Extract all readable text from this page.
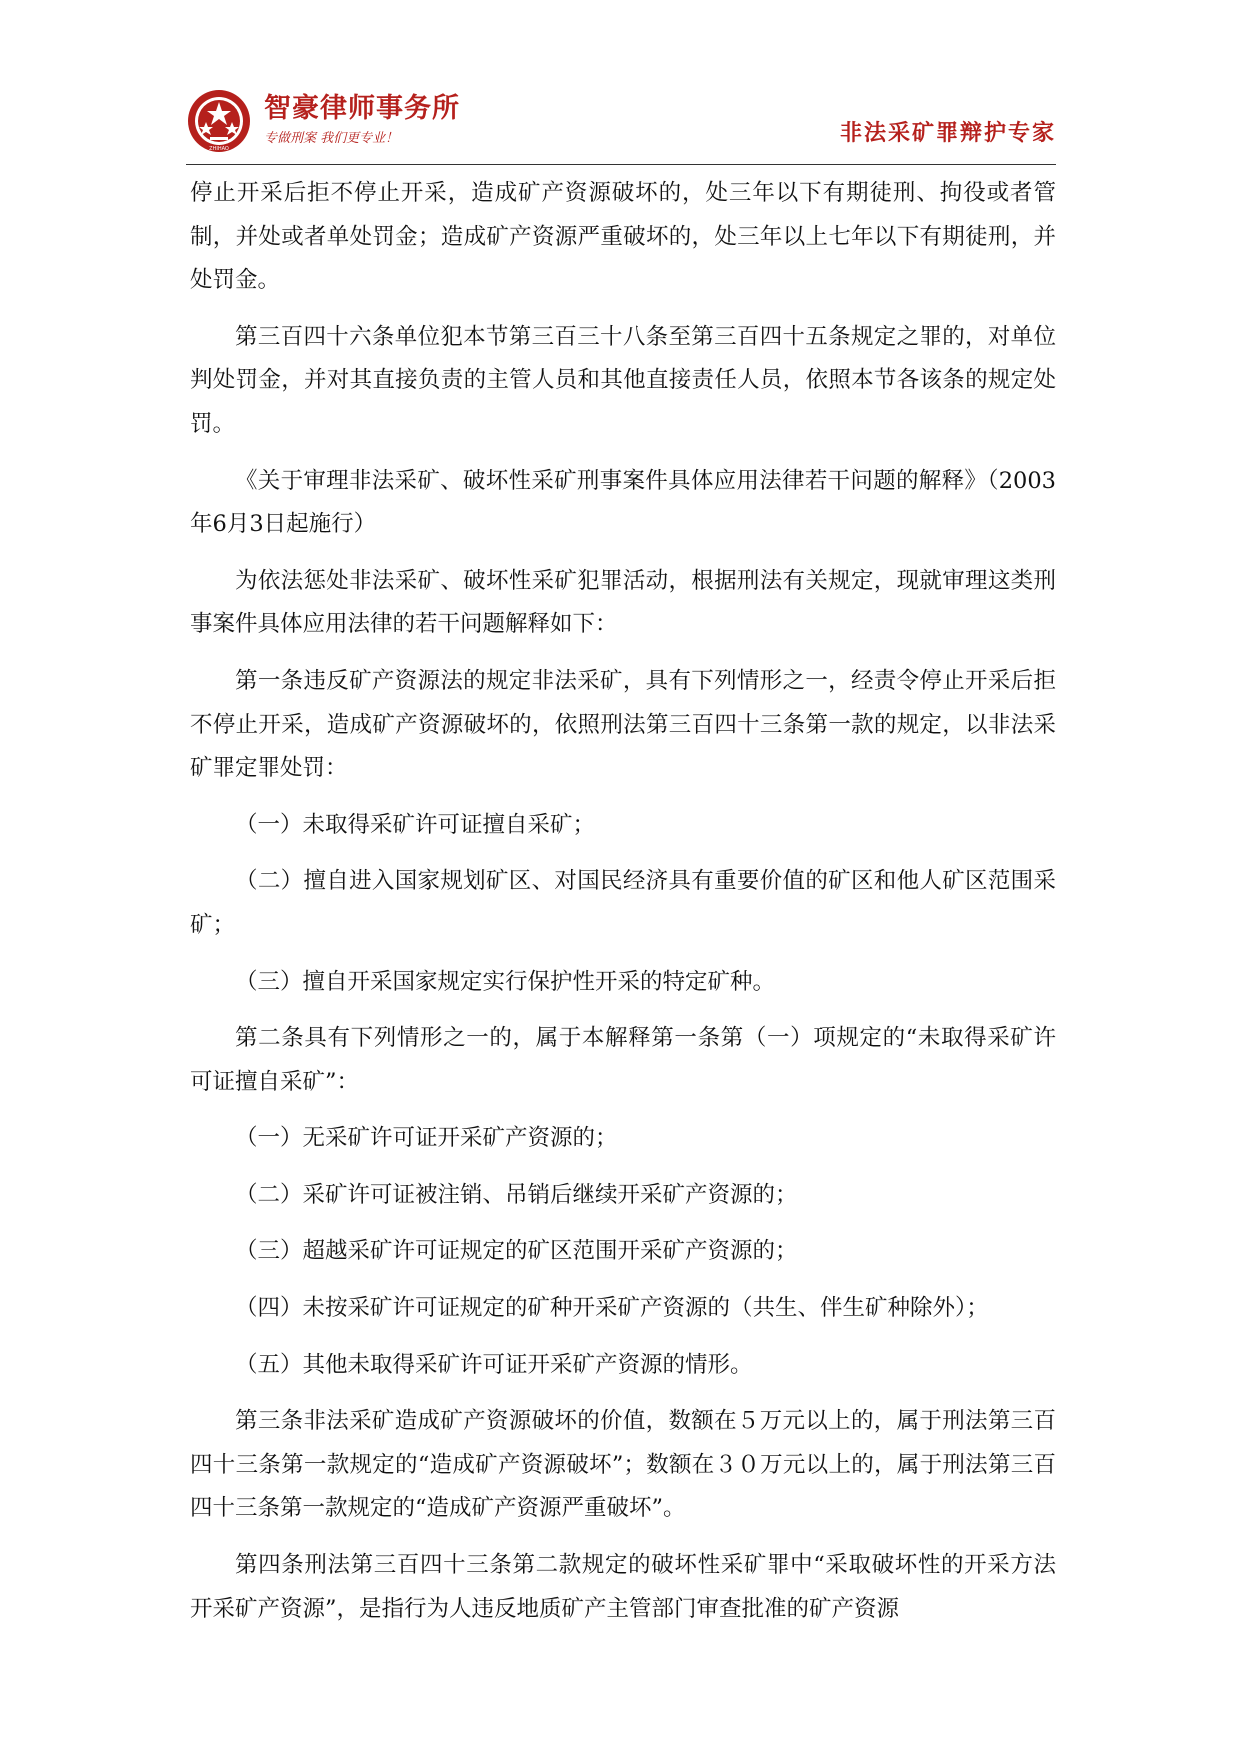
ZHIHAO
智豪律师事务所
专做刑案 我们更专业！	非法采矿罪辩护专家

停止开采后拒不停止开采，造成矿产资源破坏的，处三年以下有期徒刑、拘役或者管制，并处或者单处罚金；造成矿产资源严重破坏的，处三年以上七年以下有期徒刑，并处罚金。

第三百四十六条单位犯本节第三百三十八条至第三百四十五条规定之罪的，对单位判处罚金，并对其直接负责的主管人员和其他直接责任人员，依照本节各该条的规定处罚。

《关于审理非法采矿、破坏性采矿刑事案件具体应用法律若干问题的解释》（2003年6月3日起施行）

为依法惩处非法采矿、破坏性采矿犯罪活动，根据刑法有关规定，现就审理这类刑事案件具体应用法律的若干问题解释如下：

第一条违反矿产资源法的规定非法采矿，具有下列情形之一，经责令停止开采后拒不停止开采，造成矿产资源破坏的，依照刑法第三百四十三条第一款的规定，以非法采矿罪定罪处罚：

（一）未取得采矿许可证擅自采矿；

（二）擅自进入国家规划矿区、对国民经济具有重要价值的矿区和他人矿区范围采矿；

（三）擅自开采国家规定实行保护性开采的特定矿种。

第二条具有下列情形之一的，属于本解释第一条第（一）项规定的“未取得采矿许可证擅自采矿”：

（一）无采矿许可证开采矿产资源的；

（二）采矿许可证被注销、吊销后继续开采矿产资源的；

（三）超越采矿许可证规定的矿区范围开采矿产资源的；

（四）未按采矿许可证规定的矿种开采矿产资源的（共生、伴生矿种除外）；

（五）其他未取得采矿许可证开采矿产资源的情形。

第三条非法采矿造成矿产资源破坏的价值，数额在５万元以上的，属于刑法第三百四十三条第一款规定的“造成矿产资源破坏”；数额在３０万元以上的，属于刑法第三百四十三条第一款规定的“造成矿产资源严重破坏”。

第四条刑法第三百四十三条第二款规定的破坏性采矿罪中“采取破坏性的开采方法开采矿产资源”，是指行为人违反地质矿产主管部门审查批准的矿产资源
